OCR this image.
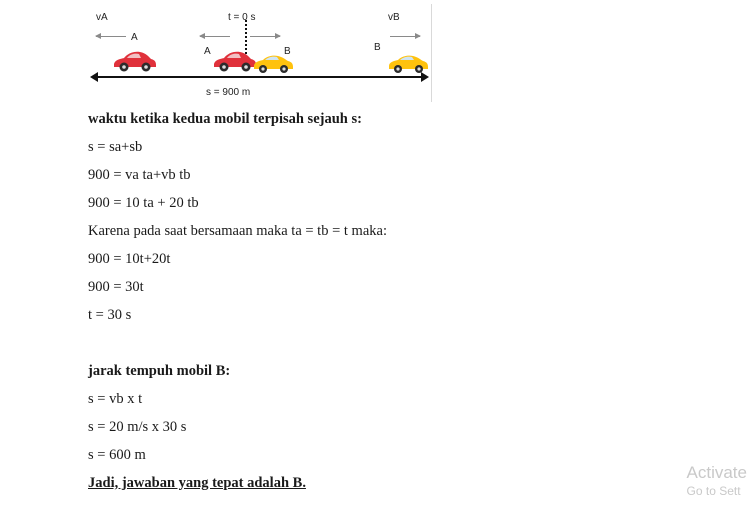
vA	vB
t = 0 s
A
A	B	B
s = 900 m
waktu ketika kedua mobil terpisah sejauh s:
s = sa+sb
900 = va ta+vb tb
900 = 10 ta + 20 tb
Karena pada saat bersamaan maka ta = tb = t maka:
900 = 10t+20t
900 = 30t
t = 30 s
jarak tempuh mobil B:
s = vb x t
s = 20 m/s x 30 s
s = 600 m
Jadi, jawaban yang tepat adalah B.
Activate
Go to Sett
